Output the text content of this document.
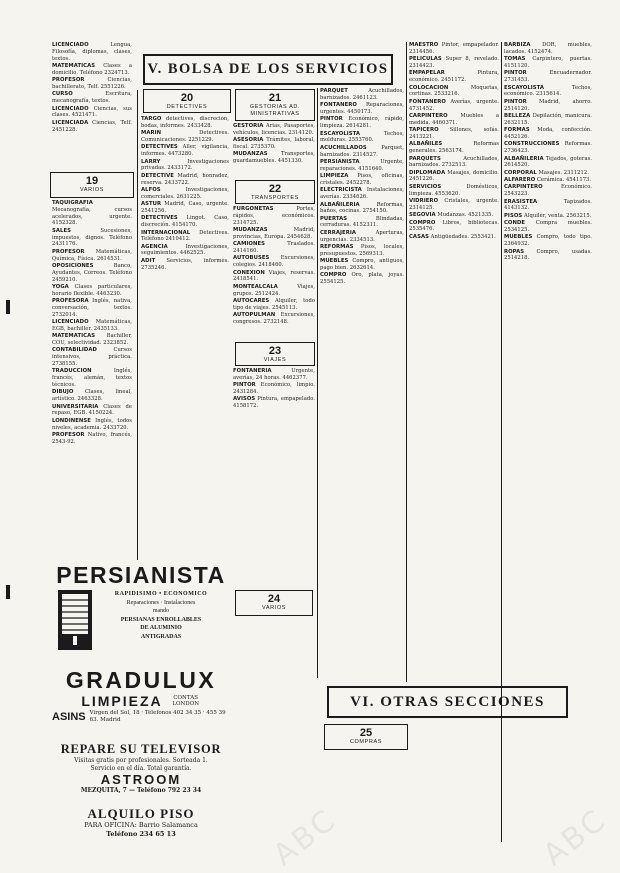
V. BOLSA DE LOS SERVICIOS

LICENCIADO Lengua, Filosofía, diplomas, clases, textos.

MATEMATICAS Clases a domicilio. Teléfono 2324713.

PROFESOR Ciencias, bachillerato, Telf. 2551226.

CURSO Escritura, mecanografía, textos.

LICENCIADO Ciencias, sus clases. 4521471.

LICENCIADA Ciencias, Telf. 2451228.

19
VARIOS

TAQUIGRAFIA Mecanografía, cursos acelerados, urgente. 4152328.

SALES Sucesiones, impuestos, dignos. Teléfono 2431176.

PROFESOR Matemáticas, Química, Física. 2614531.

OPOSICIONES Banco, Ayudantes, Correos. Teléfono 2459210.

YOGA Clases particulares, horario flexible. 4463230.

PROFESORA Inglés, nativa, conversación, textos. 2732014.

LICENCIADO Matemáticas, EGB, bachiller. 2435133.

MATEMATICAS Bachiller, COU, selectividad. 2323852.

CONTABILIDAD Cursos intensivos, práctica. 2738155.

TRADUCCION Inglés, francés, alemán, textos técnicos.

DIBUJO Clases, lineal, artístico. 2463328.

UNIVERSITARIA Clases de repaso, EGB. 4150224.

LONDINENSE Inglés, todos niveles, academia. 2433720.

PROFESOR Nativo, francés, 2543-92.

20
DETECTIVES

TARGO detectives, discreción, bodas, informes. 2433428.

MARIN Detectives. Comunicaciones. 2251229.

DETECTIVES Aller, vigilancia, informes. 4473280.

LARRY Investigaciones privadas. 2433172.

DETECTIVE Madrid, honradez, reserva. 2433722.

ALFOS Investigaciones, comerciales. 2631225.

ASTUR Madrid, Caso, urgente. 2541256.

DETECTIVES Lingot. Caso, discreción. 4154170.

INTERNACIONAL Detectives. Teléfono 2410412.

AGENCIA Investigaciones, seguimientos. 4462525.

ADIT Servicios, informes. 2735246.

21
GESTORIAS AD. MINISTRATIVAS

GESTORIA Arias, Pasaportes, vehículos, licencias. 2314120.

ASESORIA Trámites, laboral, fiscal. 2735370.

MUDANZAS Transportes, guardamuebles. 4451330.

22
TRANSPORTES

FURGONETAS Portes, rápidos, económicos. 2314725.

MUDANZAS Madrid, provincias, Europa. 2454628.

CAMIONES Traslados. 2414160.

AUTOBUSES Excursiones, colegios. 2418460.

CONEXION Viajes, reservas. 2418541.

MONTEALCALA Viajes, grupos. 2512424.

AUTOCARES Alquiler, todo tipo de viajes. 2545113.

AUTOPULMAN Excursiones, congresos. 2732148.

23
VIAJES

FONTANERIA Urgente, averías, 24 horas. 4462377.

PINTOR Económico, limpio. 2431284.

AVISOS Pintura, empapelado. 4158172.

24
VARIOS

PARQUET Acuchillados, barnizados. 2461123.

FONTANERO Reparaciones, urgentes. 4450173.

PINTOR Económico, rápido, limpieza. 2614281.

ESCAYOLISTA Techos, molduras. 2553760.

ACUCHILLADOS Parquet, barnizados. 2314527.

PERSIANISTA Urgente, reparaciones. 4151640.

LIMPIEZA Pisos, oficinas, cristales. 2452278.

ELECTRICISTA Instalaciones, averías. 2334626.

ALBAÑILERIA Reformas, baños, cocinas. 2754150.

PUERTAS Blindadas, cerraduras. 4152311.

CERRAJERIA Aperturas, urgencias. 2334513.

REFORMAS Pisos, locales, presupuestos. 2569313.

MUEBLES Compro, antiguos, pago bien. 2632614.

COMPRO Oro, plata, joyas. 2554125.

VI. OTRAS SECCIONES
25
COMPRAS

MAESTRO Pintor, empapelador. 2314456.

PELICULAS Super 8, revelado. 2314423.

EMPAPELAR Pintura, económico. 2451172.

COLOCACION Moquetas, cortinas. 2533216.

FONTANERO Averías, urgente. 4731452.

CARPINTERO Muebles a medida. 4460371.

TAPICERO Sillones, sofás. 2413221.

ALBAÑILES Reformas generales. 2563174.

PARQUETS Acuchillados, barnizados. 2732513.

DIPLOMADA Masajes, domicilio. 2451226.

SERVICIOS Domésticos, limpieza. 4553620.

VIDRIERO Cristales, urgente. 2314125.

SEGOVIA Mudanzas. 4521335.

COMPRO Libros, bibliotecas. 2535476.

CASAS Antigüedades. 2553421.

BARBIZA DOR, muebles, lacados. 4152474.

TOMAS Carpintero, puertas. 4151120.

PINTOR Encuadernador. 2731453.

ESCAYOLISTA Techos, económico. 2315614.

PINTOR Madrid, ahorro. 2514120.

BELLEZA Depilación, manicura. 2632115.

FORMAS Moda, confección. 4452126.

CONSTRUCCIONES Reformas. 2736423.

ALBAÑILERIA Tejados, goteras. 2614520.

CORPORAL Masajes. 2311212.

ALFARERO Cerámica. 4541173.

CARPINTERO Económico. 2543223.

ERASISTEA Tapizados. 4143132.

PISOS Alquiler, venta. 2563215.

CONDE Compra muebles. 2534125.

MUEBLES Compro, todo tipo. 2364932.

ROPAS Compro, usadas. 2514218.

PERSIANISTA
RAPIDISIMO • ECONOMICO
Reparaciones · Instalaciones
mando
PERSIANAS ENROLLABLES
DE ALUMINIO
ANTIGRADAS
GRADULUX
LIMPIEZA	CONTAS LONDON
ASINS Virgen del Sol, 18 · Telefonos 402 34 35 · 455 39 63. Madrid
REPARE SU TELEVISOR
Visitas gratis por profesionales. Sorteada 1.
Servicio en el día. Total garantía.
ASTROOM
MEZQUITA, 7 — Teléfono 792 23 34
ALQUILO PISO
PARA OFICINA: Barrio Salamanca
Teléfono 234 65 13	ABC	ABC
